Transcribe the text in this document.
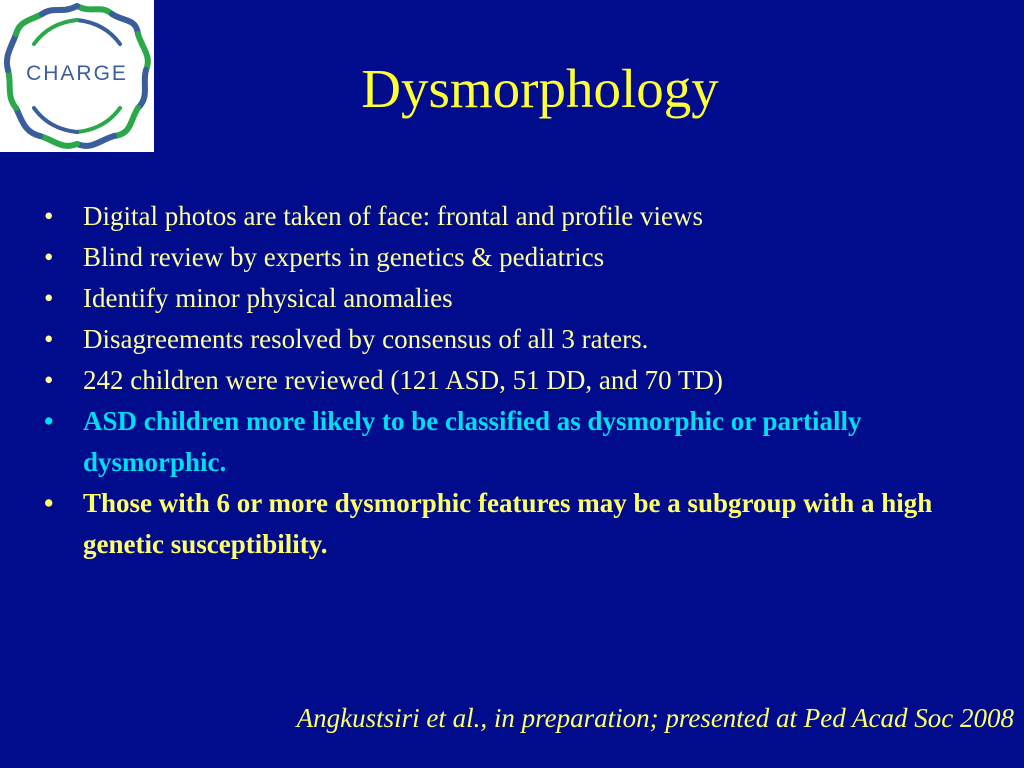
CHARGE	Dysmorphology
• Digital photos are taken of face: frontal and profile views
• Blind review by experts in genetics & pediatrics
• Identify minor physical anomalies
• Disagreements resolved by consensus of all 3 raters.
• 242 children were reviewed (121 ASD, 51 DD, and 70 TD)
• ASD children more likely to be classified as dysmorphic or partially dysmorphic.
• Those with 6 or more dysmorphic features may be a subgroup with a high genetic susceptibility.
Angkustsiri et al., in preparation; presented at Ped Acad Soc 2008
